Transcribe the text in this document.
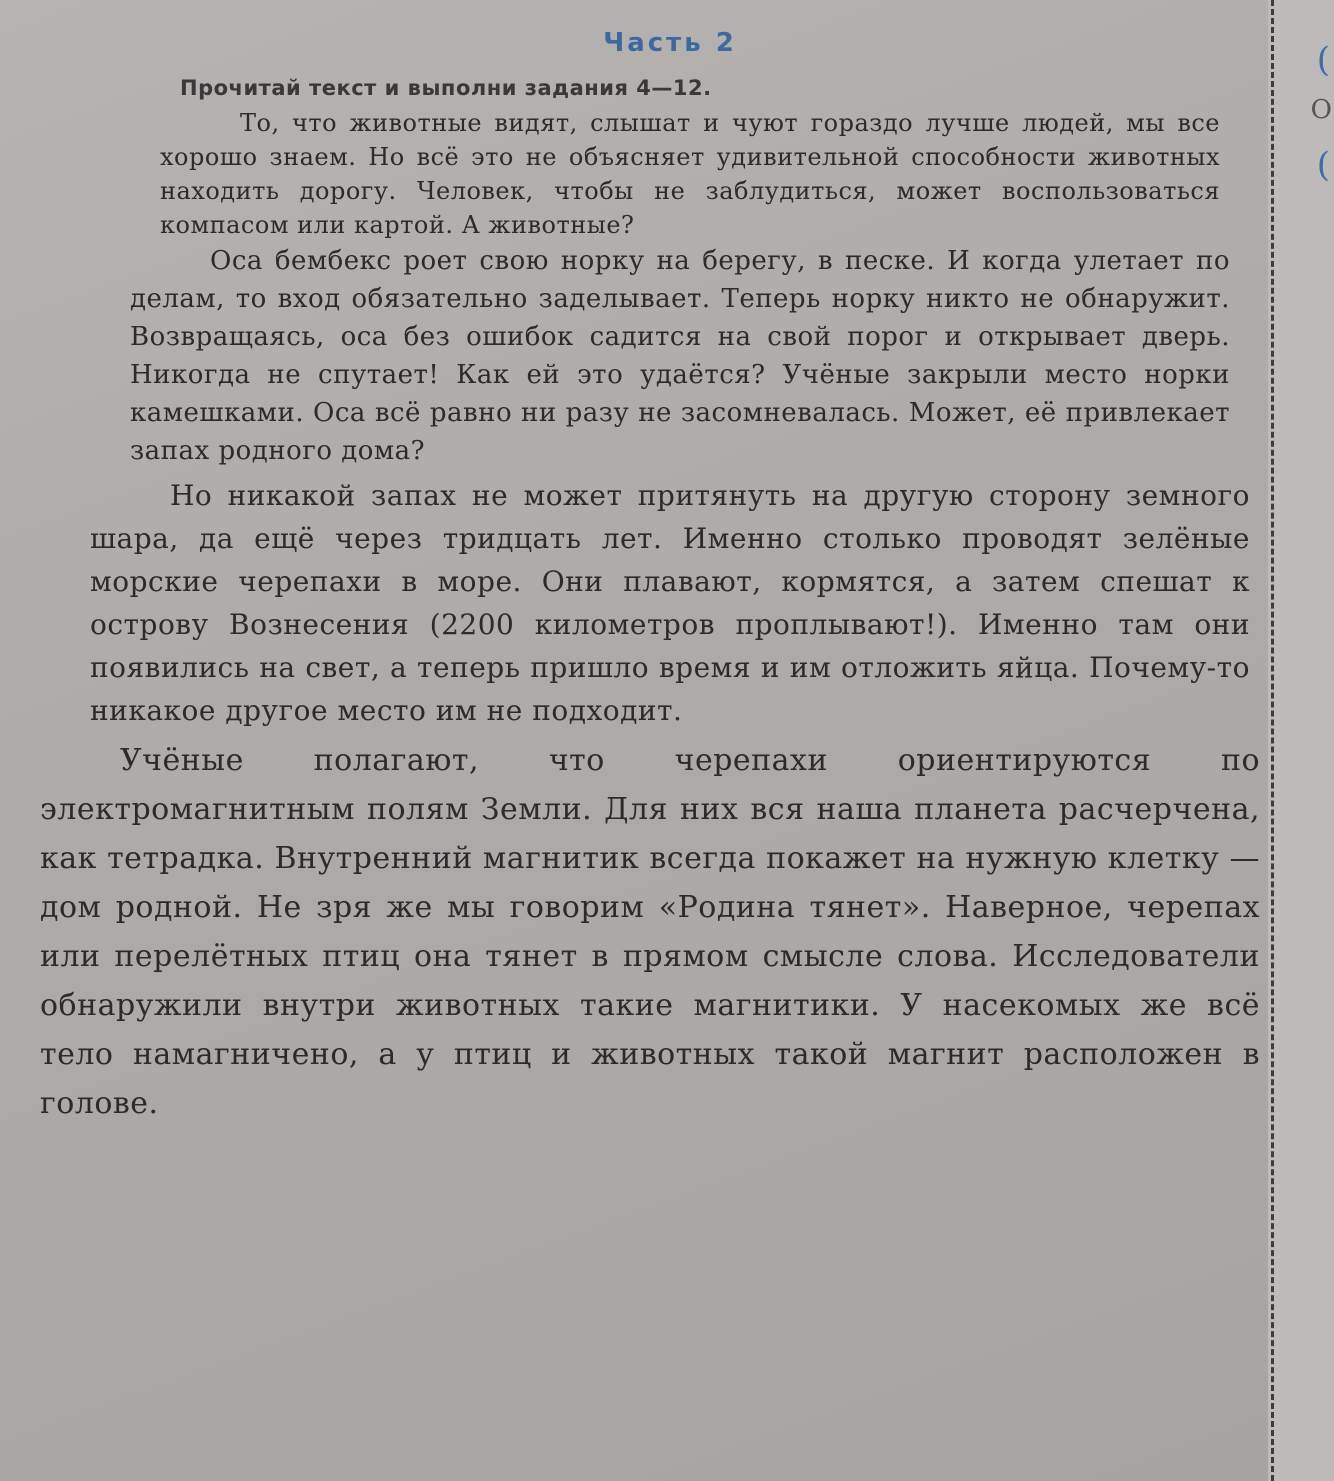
(
О
(
Часть 2
Прочитай текст и выполни задания 4—12.

То, что животные видят, слышат и чуют гораздо лучше людей, мы все хорошо знаем. Но всё это не объясняет удивительной способности животных находить дорогу. Человек, чтобы не заблудиться, может воспользоваться компасом или картой. А животные?

Оса бембекс роет свою норку на берегу, в песке. И когда улетает по делам, то вход обязательно заделывает. Теперь норку никто не обнаружит. Возвращаясь, оса без ошибок садится на свой порог и открывает дверь. Никогда не спутает! Как ей это удаётся? Учёные закрыли место норки камешками. Оса всё равно ни разу не засомневалась. Может, её привлекает запах родного дома?

Но никакой запах не может притянуть на другую сторону земного шара, да ещё через тридцать лет. Именно столько проводят зелёные морские черепахи в море. Они плавают, кормятся, а затем спешат к острову Вознесения (2200 километров проплывают!). Именно там они появились на свет, а теперь пришло время и им отложить яйца. Почему-то никакое другое место им не подходит.

Учёные полагают, что черепахи ориентируются по электромагнитным полям Земли. Для них вся наша планета расчерчена, как тетрадка. Внутренний магнитик всегда покажет на нужную клетку — дом родной. Не зря же мы говорим «Родина тянет». Наверное, черепах или перелётных птиц она тянет в прямом смысле слова. Исследователи обнаружили внутри животных такие магнитики. У насекомых же всё тело намагничено, а у птиц и животных такой магнит расположен в голове.
